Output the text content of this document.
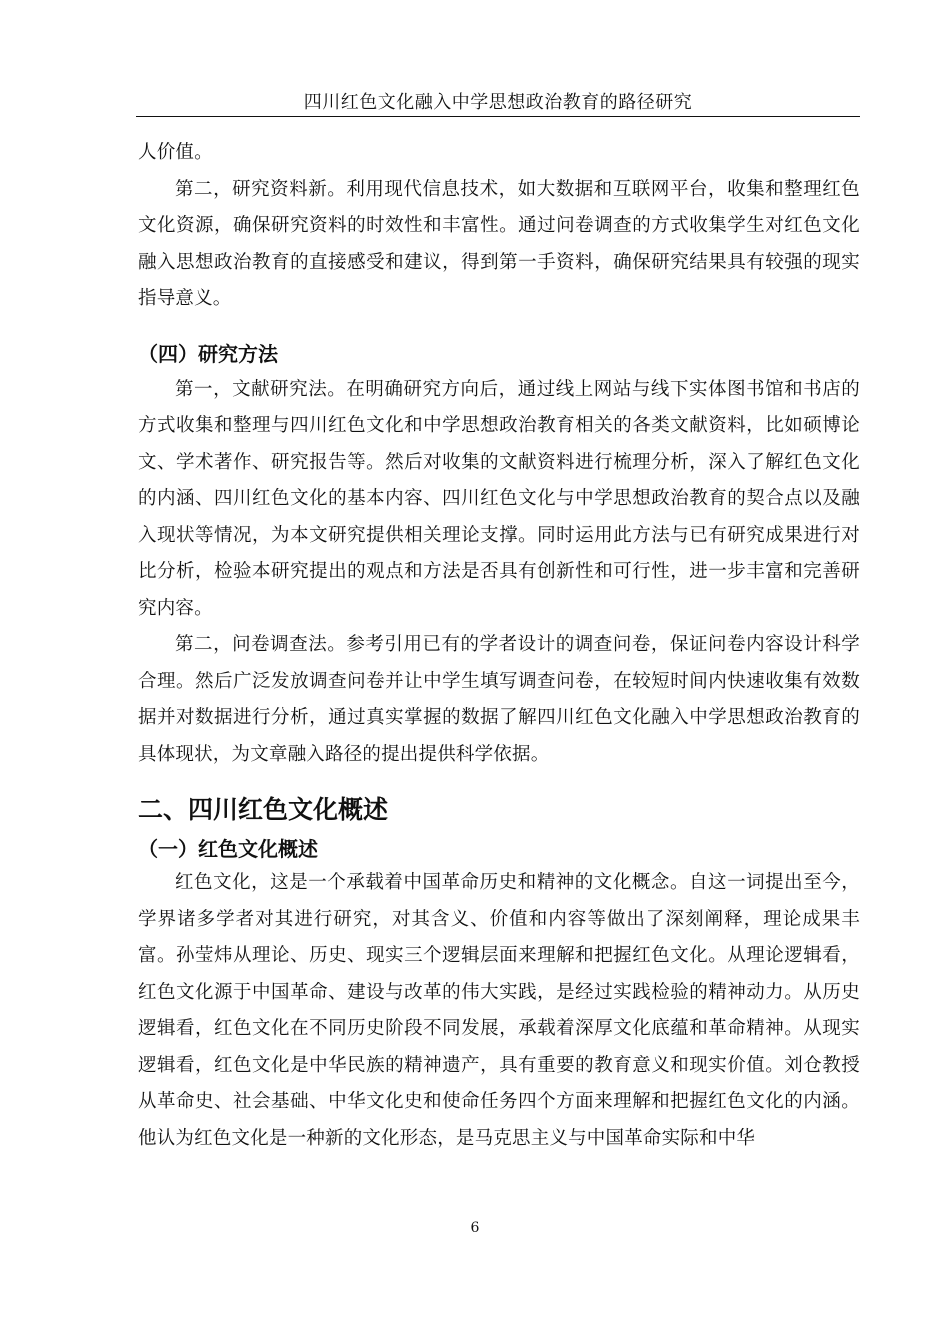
四川红色文化融入中学思想政治教育的路径研究

人价值。

第二，研究资料新。利用现代信息技术，如大数据和互联网平台，收集和整理红色文化资源，确保研究资料的时效性和丰富性。通过问卷调查的方式收集学生对红色文化融入思想政治教育的直接感受和建议，得到第一手资料，确保研究结果具有较强的现实指导意义。

（四）研究方法

第一，文献研究法。在明确研究方向后，通过线上网站与线下实体图书馆和书店的方式收集和整理与四川红色文化和中学思想政治教育相关的各类文献资料，比如硕博论文、学术著作、研究报告等。然后对收集的文献资料进行梳理分析，深入了解红色文化的内涵、四川红色文化的基本内容、四川红色文化与中学思想政治教育的契合点以及融入现状等情况，为本文研究提供相关理论支撑。同时运用此方法与已有研究成果进行对比分析，检验本研究提出的观点和方法是否具有创新性和可行性，进一步丰富和完善研究内容。

第二，问卷调查法。参考引用已有的学者设计的调查问卷，保证问卷内容设计科学合理。然后广泛发放调查问卷并让中学生填写调查问卷，在较短时间内快速收集有效数据并对数据进行分析，通过真实掌握的数据了解四川红色文化融入中学思想政治教育的具体现状，为文章融入路径的提出提供科学依据。

二、四川红色文化概述
（一）红色文化概述

红色文化，这是一个承载着中国革命历史和精神的文化概念。自这一词提出至今，学界诸多学者对其进行研究，对其含义、价值和内容等做出了深刻阐释，理论成果丰富。孙莹炜从理论、历史、现实三个逻辑层面来理解和把握红色文化。从理论逻辑看，红色文化源于中国革命、建设与改革的伟大实践，是经过实践检验的精神动力。从历史逻辑看，红色文化在不同历史阶段不同发展，承载着深厚文化底蕴和革命精神。从现实逻辑看，红色文化是中华民族的精神遗产，具有重要的教育意义和现实价值。刘仓教授从革命史、社会基础、中华文化史和使命任务四个方面来理解和把握红色文化的内涵。他认为红色文化是一种新的文化形态，是马克思主义与中国革命实际和中华

6
